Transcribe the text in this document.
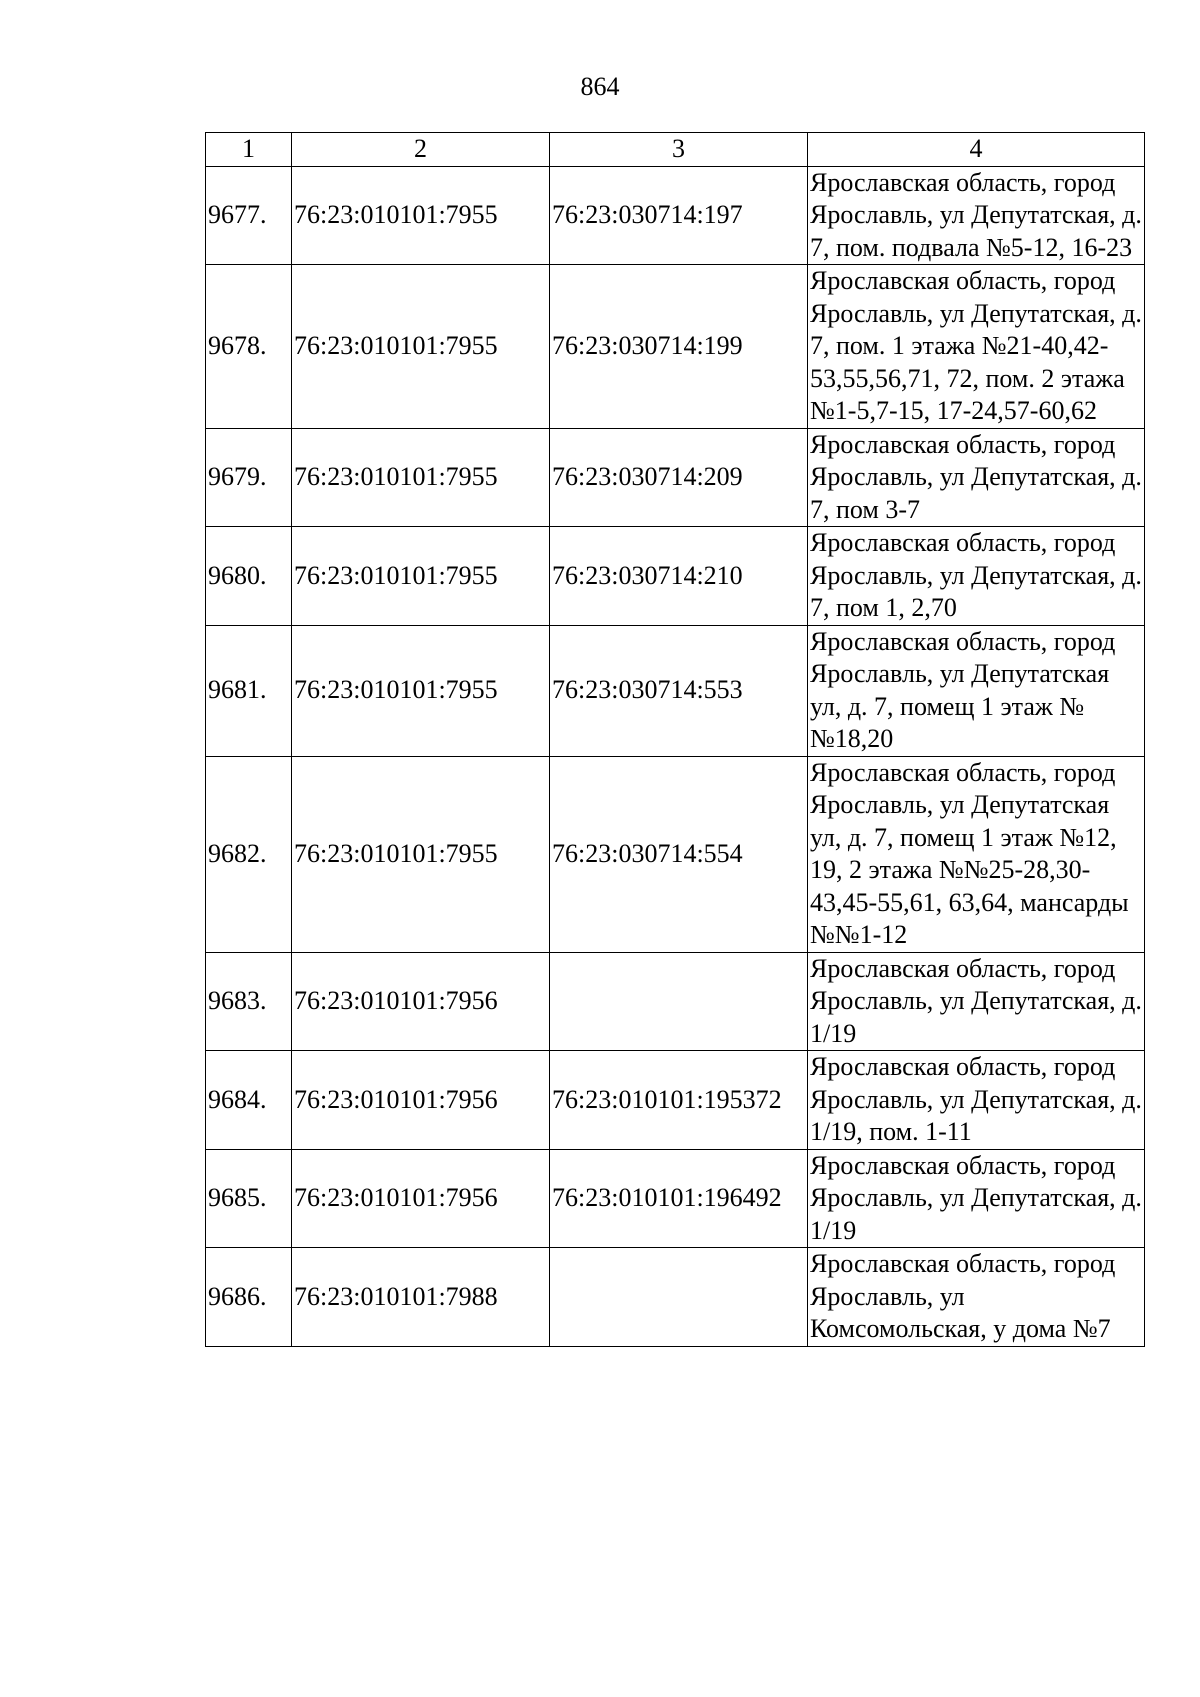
864
1	2	3	4
9677.	76:23:010101:7955	76:23:030714:197	Ярославская область, город Ярославль, ул Депутатская, д. 7, пом. подвала №5-12, 16-23
9678.	76:23:010101:7955	76:23:030714:199	Ярославская область, город Ярославль, ул Депутатская, д. 7, пом. 1 этажа №21-40,42-53,55,56,71, 72, пом. 2 этажа №1-5,7-15, 17-24,57-60,62
9679.	76:23:010101:7955	76:23:030714:209	Ярославская область, город Ярославль, ул Депутатская, д. 7, пом 3-7
9680.	76:23:010101:7955	76:23:030714:210	Ярославская область, город Ярославль, ул Депутатская, д. 7, пом 1, 2,70
9681.	76:23:010101:7955	76:23:030714:553	Ярославская область, город Ярославль, ул Депутатская ул, д. 7, помещ 1 этаж №№18,20
9682.	76:23:010101:7955	76:23:030714:554	Ярославская область, город Ярославль, ул Депутатская ул, д. 7, помещ 1 этаж №12, 19, 2 этажа №№25-28,30-43,45-55,61, 63,64, мансарды №№1-12
9683.	76:23:010101:7956		Ярославская область, город Ярославль, ул Депутатская, д. 1/19
9684.	76:23:010101:7956	76:23:010101:195372	Ярославская область, город Ярославль, ул Депутатская, д. 1/19, пом. 1-11
9685.	76:23:010101:7956	76:23:010101:196492	Ярославская область, город Ярославль, ул Депутатская, д. 1/19
9686.	76:23:010101:7988		Ярославская область, город Ярославль, ул Комсомольская, у дома №7
